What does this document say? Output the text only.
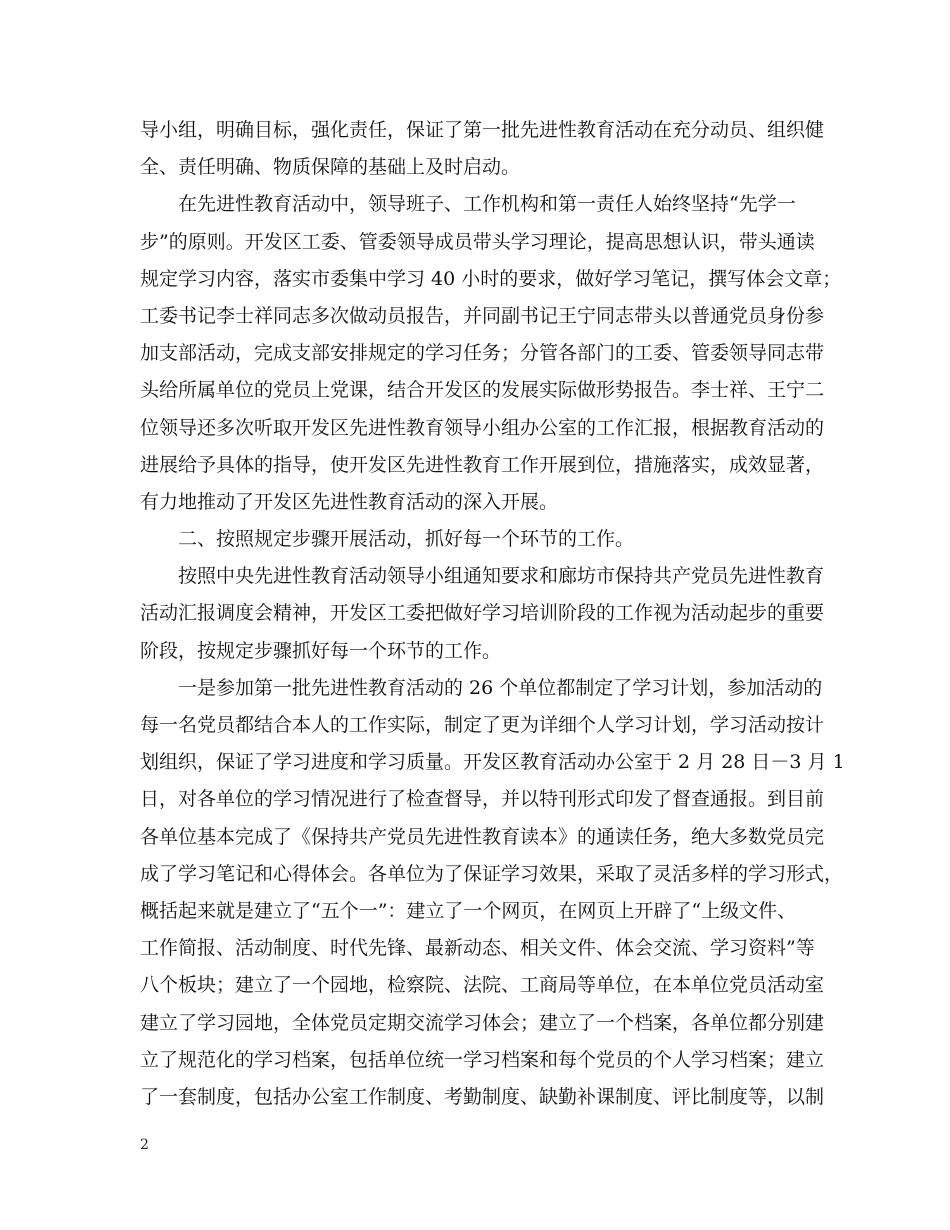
导小组，明确目标，强化责任，保证了第一批先进性教育活动在充分动员、组织健
全、责任明确、物质保障的基础上及时启动。
在先进性教育活动中，领导班子、工作机构和第一责任人始终坚持“先学一
步”的原则。开发区工委、管委领导成员带头学习理论，提高思想认识，带头通读
规定学习内容，落实市委集中学习 40 小时的要求，做好学习笔记，撰写体会文章；
工委书记李士祥同志多次做动员报告，并同副书记王宁同志带头以普通党员身份参
加支部活动，完成支部安排规定的学习任务；分管各部门的工委、管委领导同志带
头给所属单位的党员上党课，结合开发区的发展实际做形势报告。李士祥、王宁二
位领导还多次听取开发区先进性教育领导小组办公室的工作汇报，根据教育活动的
进展给予具体的指导，使开发区先进性教育工作开展到位，措施落实，成效显著，
有力地推动了开发区先进性教育活动的深入开展。
二、按照规定步骤开展活动，抓好每一个环节的工作。
按照中央先进性教育活动领导小组通知要求和廊坊市保持共产党员先进性教育
活动汇报调度会精神，开发区工委把做好学习培训阶段的工作视为活动起步的重要
阶段，按规定步骤抓好每一个环节的工作。
一是参加第一批先进性教育活动的 26 个单位都制定了学习计划，参加活动的
每一名党员都结合本人的工作实际，制定了更为详细个人学习计划，学习活动按计
划组织，保证了学习进度和学习质量。开发区教育活动办公室于 2 月 28 日－3 月 1
日，对各单位的学习情况进行了检查督导，并以特刊形式印发了督查通报。到目前
各单位基本完成了《保持共产党员先进性教育读本》的通读任务，绝大多数党员完
成了学习笔记和心得体会。各单位为了保证学习效果，采取了灵活多样的学习形式，
概括起来就是建立了“五个一”：建立了一个网页，在网页上开辟了“上级文件、
工作简报、活动制度、时代先锋、最新动态、相关文件、体会交流、学习资料”等
八个板块；建立了一个园地，检察院、法院、工商局等单位，在本单位党员活动室
建立了学习园地，全体党员定期交流学习体会；建立了一个档案，各单位都分别建
立了规范化的学习档案，包括单位统一学习档案和每个党员的个人学习档案；建立
了一套制度，包括办公室工作制度、考勤制度、缺勤补课制度、评比制度等，以制
2
